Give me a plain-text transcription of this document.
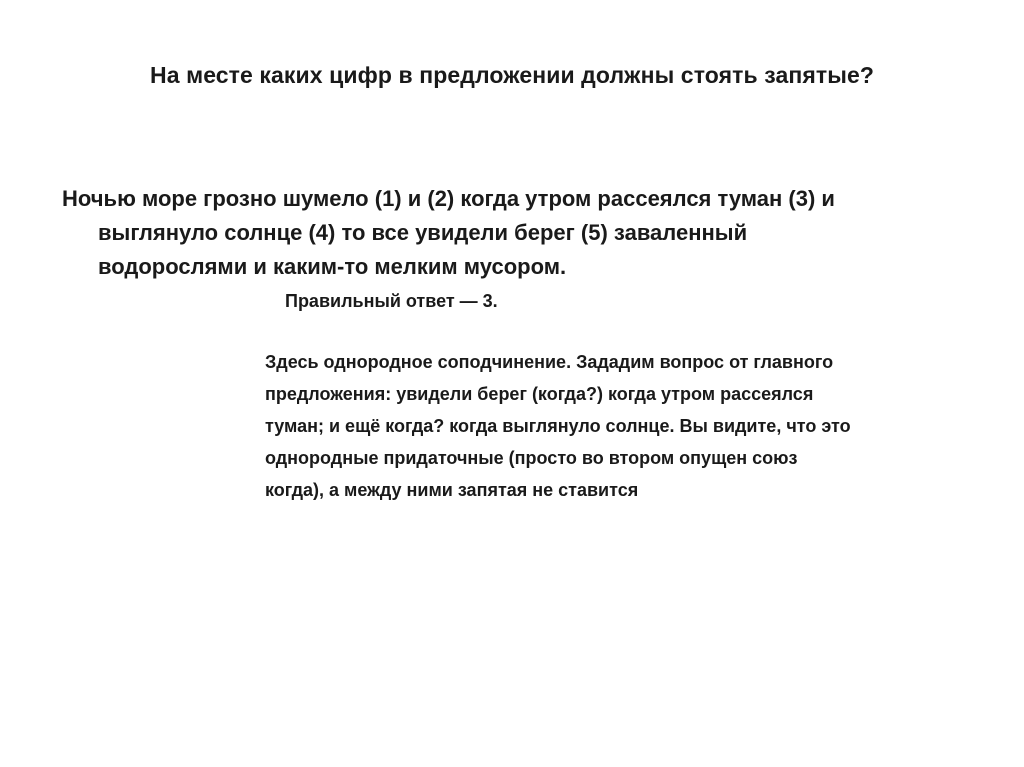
На месте каких цифр в предложении должны стоять запятые?
Ночью море грозно шумело (1) и (2) когда утром рассеялся туман (3) и
выглянуло солнце (4) то все увидели берег (5) заваленный
водорослями и каким-то мелким мусором.
Правильный ответ — 3.
Здесь однородное соподчинение. Зададим вопрос от главного
предложения: увидели берег (когда?) когда утром рассеялся
туман; и ещё когда? когда выглянуло солнце. Вы видите, что это
однородные придаточные (просто во втором опущен союз
когда), а между ними запятая не ставится
